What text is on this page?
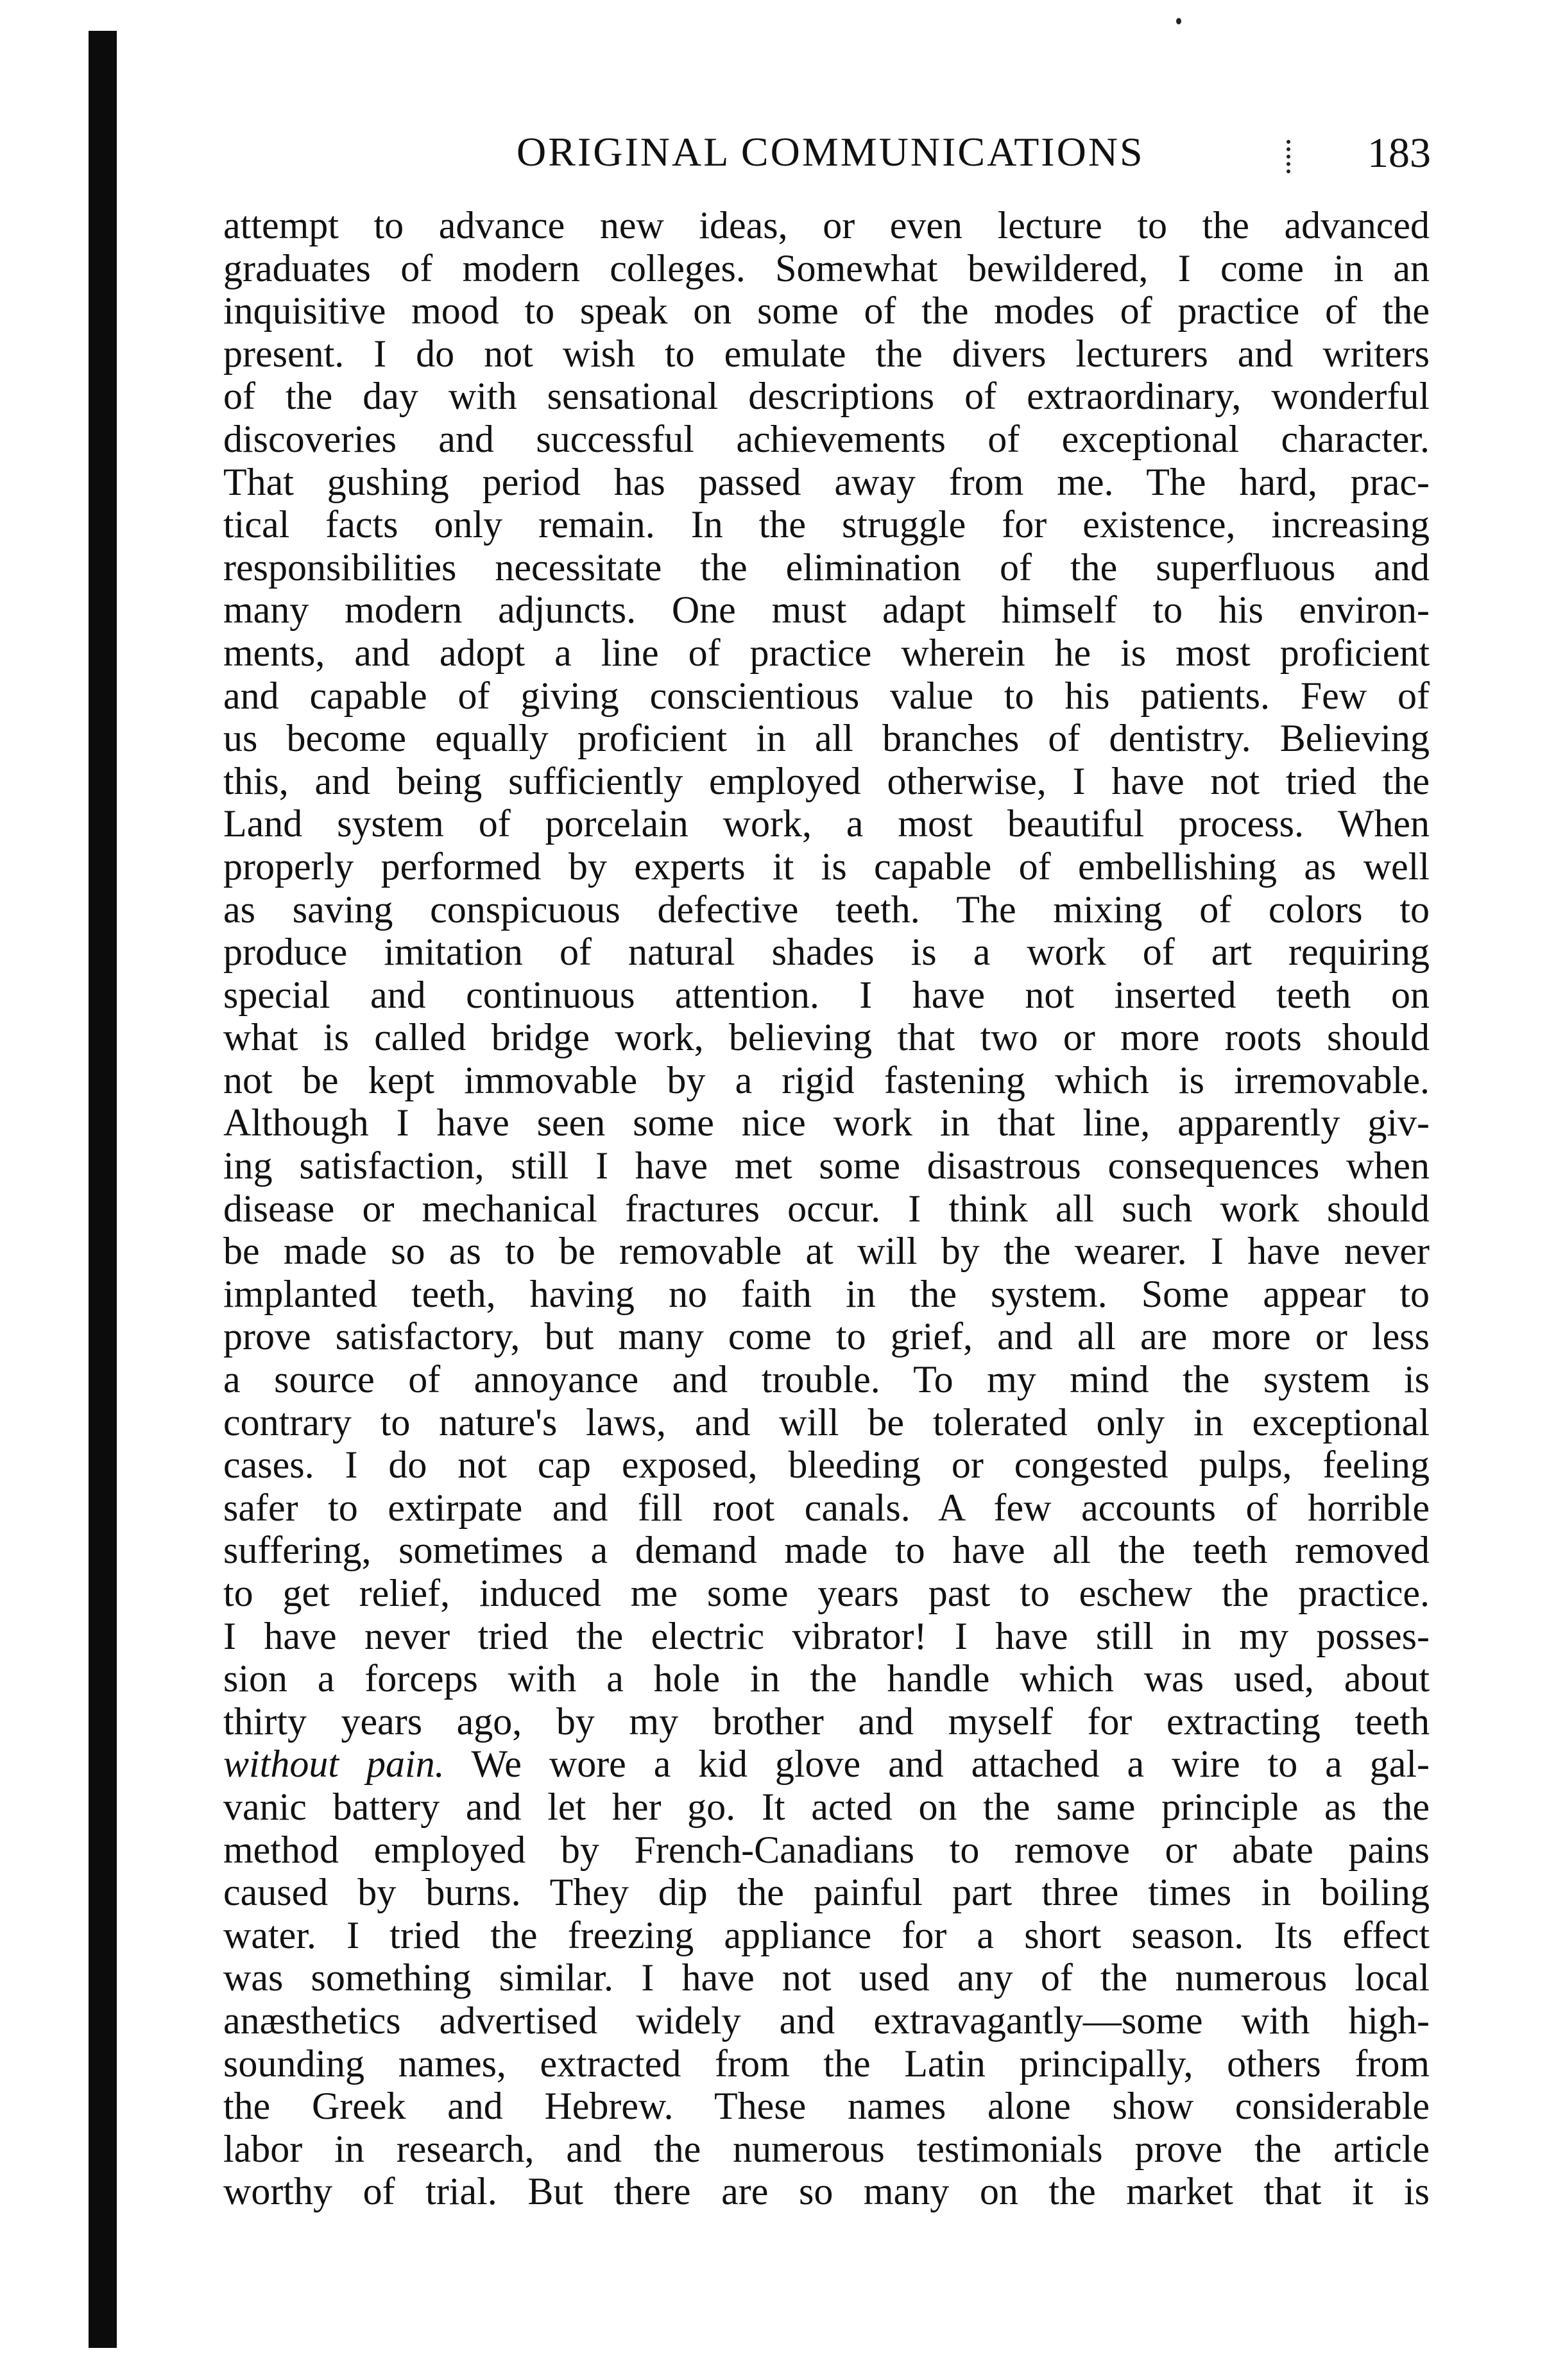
ORIGINAL COMMUNICATIONS	183
attempt to advance new ideas, or even lecture to the advanced
graduates of modern colleges. Somewhat bewildered, I come in an
inquisitive mood to speak on some of the modes of practice of the
present. I do not wish to emulate the divers lecturers and writers
of the day with sensational descriptions of extraordinary, wonderful
discoveries and successful achievements of exceptional character.
That gushing period has passed away from me. The hard, prac-
tical facts only remain. In the struggle for existence, increasing
responsibilities necessitate the elimination of the superfluous and
many modern adjuncts. One must adapt himself to his environ-
ments, and adopt a line of practice wherein he is most proficient
and capable of giving conscientious value to his patients. Few of
us become equally proficient in all branches of dentistry. Believing
this, and being sufficiently employed otherwise, I have not tried the
Land system of porcelain work, a most beautiful process. When
properly performed by experts it is capable of embellishing as well
as saving conspicuous defective teeth. The mixing of colors to
produce imitation of natural shades is a work of art requiring
special and continuous attention. I have not inserted teeth on
what is called bridge work, believing that two or more roots should
not be kept immovable by a rigid fastening which is irremovable.
Although I have seen some nice work in that line, apparently giv-
ing satisfaction, still I have met some disastrous consequences when
disease or mechanical fractures occur. I think all such work should
be made so as to be removable at will by the wearer. I have never
implanted teeth, having no faith in the system. Some appear to
prove satisfactory, but many come to grief, and all are more or less
a source of annoyance and trouble. To my mind the system is
contrary to nature's laws, and will be tolerated only in exceptional
cases. I do not cap exposed, bleeding or congested pulps, feeling
safer to extirpate and fill root canals. A few accounts of horrible
suffering, sometimes a demand made to have all the teeth removed
to get relief, induced me some years past to eschew the practice.
I have never tried the electric vibrator! I have still in my posses-
sion a forceps with a hole in the handle which was used, about
thirty years ago, by my brother and myself for extracting teeth
without pain. We wore a kid glove and attached a wire to a gal-
vanic battery and let her go. It acted on the same principle as the
method employed by French-Canadians to remove or abate pains
caused by burns. They dip the painful part three times in boiling
water. I tried the freezing appliance for a short season. Its effect
was something similar. I have not used any of the numerous local
anæsthetics advertised widely and extravagantly—some with high-
sounding names, extracted from the Latin principally, others from
the Greek and Hebrew. These names alone show considerable
labor in research, and the numerous testimonials prove the article
worthy of trial. But there are so many on the market that it is
